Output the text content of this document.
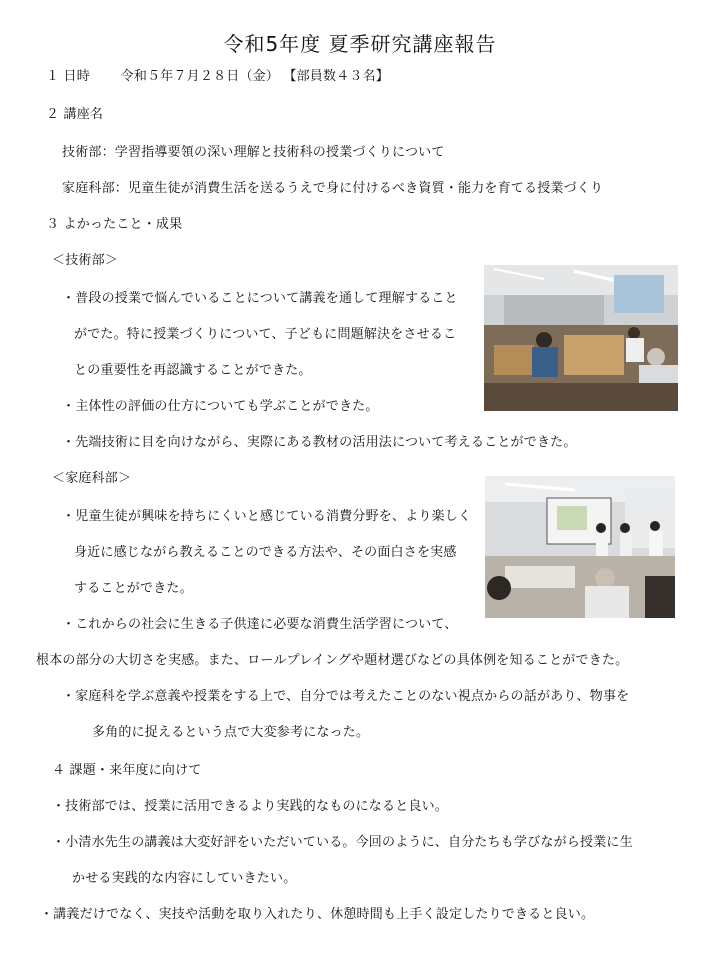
令和5年度 夏季研究講座報告
１ 日時 　　令和５年７月２８日（金） 【部員数４３名】
２ 講座名
技術部：学習指導要領の深い理解と技術科の授業づくりについて
家庭科部：児童生徒が消費生活を送るうえで身に付けるべき資質・能力を育てる授業づくり
３ よかったこと・成果
＜技術部＞
・普段の授業で悩んでいることについて講義を通して理解すること
がでた。特に授業づくりについて、子どもに問題解決をさせるこ
との重要性を再認識することができた。
・主体性の評価の仕方についても学ぶことができた。
・先端技術に目を向けながら、実際にある教材の活用法について考えることができた。
＜家庭科部＞
・児童生徒が興味を持ちにくいと感じている消費分野を、より楽しく
身近に感じながら教えることのできる方法や、その面白さを実感
することができた。
・これからの社会に生きる子供達に必要な消費生活学習について、
根本の部分の大切さを実感。また、ロールプレイングや題材選びなどの具体例を知ることができた。
・家庭科を学ぶ意義や授業をする上で、自分では考えたことのない視点からの話があり、物事を
多角的に捉えるという点で大変参考になった。
４ 課題・来年度に向けて
・技術部では、授業に活用できるより実践的なものになると良い。
・小清水先生の講義は大変好評をいただいている。今回のように、自分たちも学びながら授業に生
かせる実践的な内容にしていきたい。
・講義だけでなく、実技や活動を取り入れたり、休憩時間も上手く設定したりできると良い。
